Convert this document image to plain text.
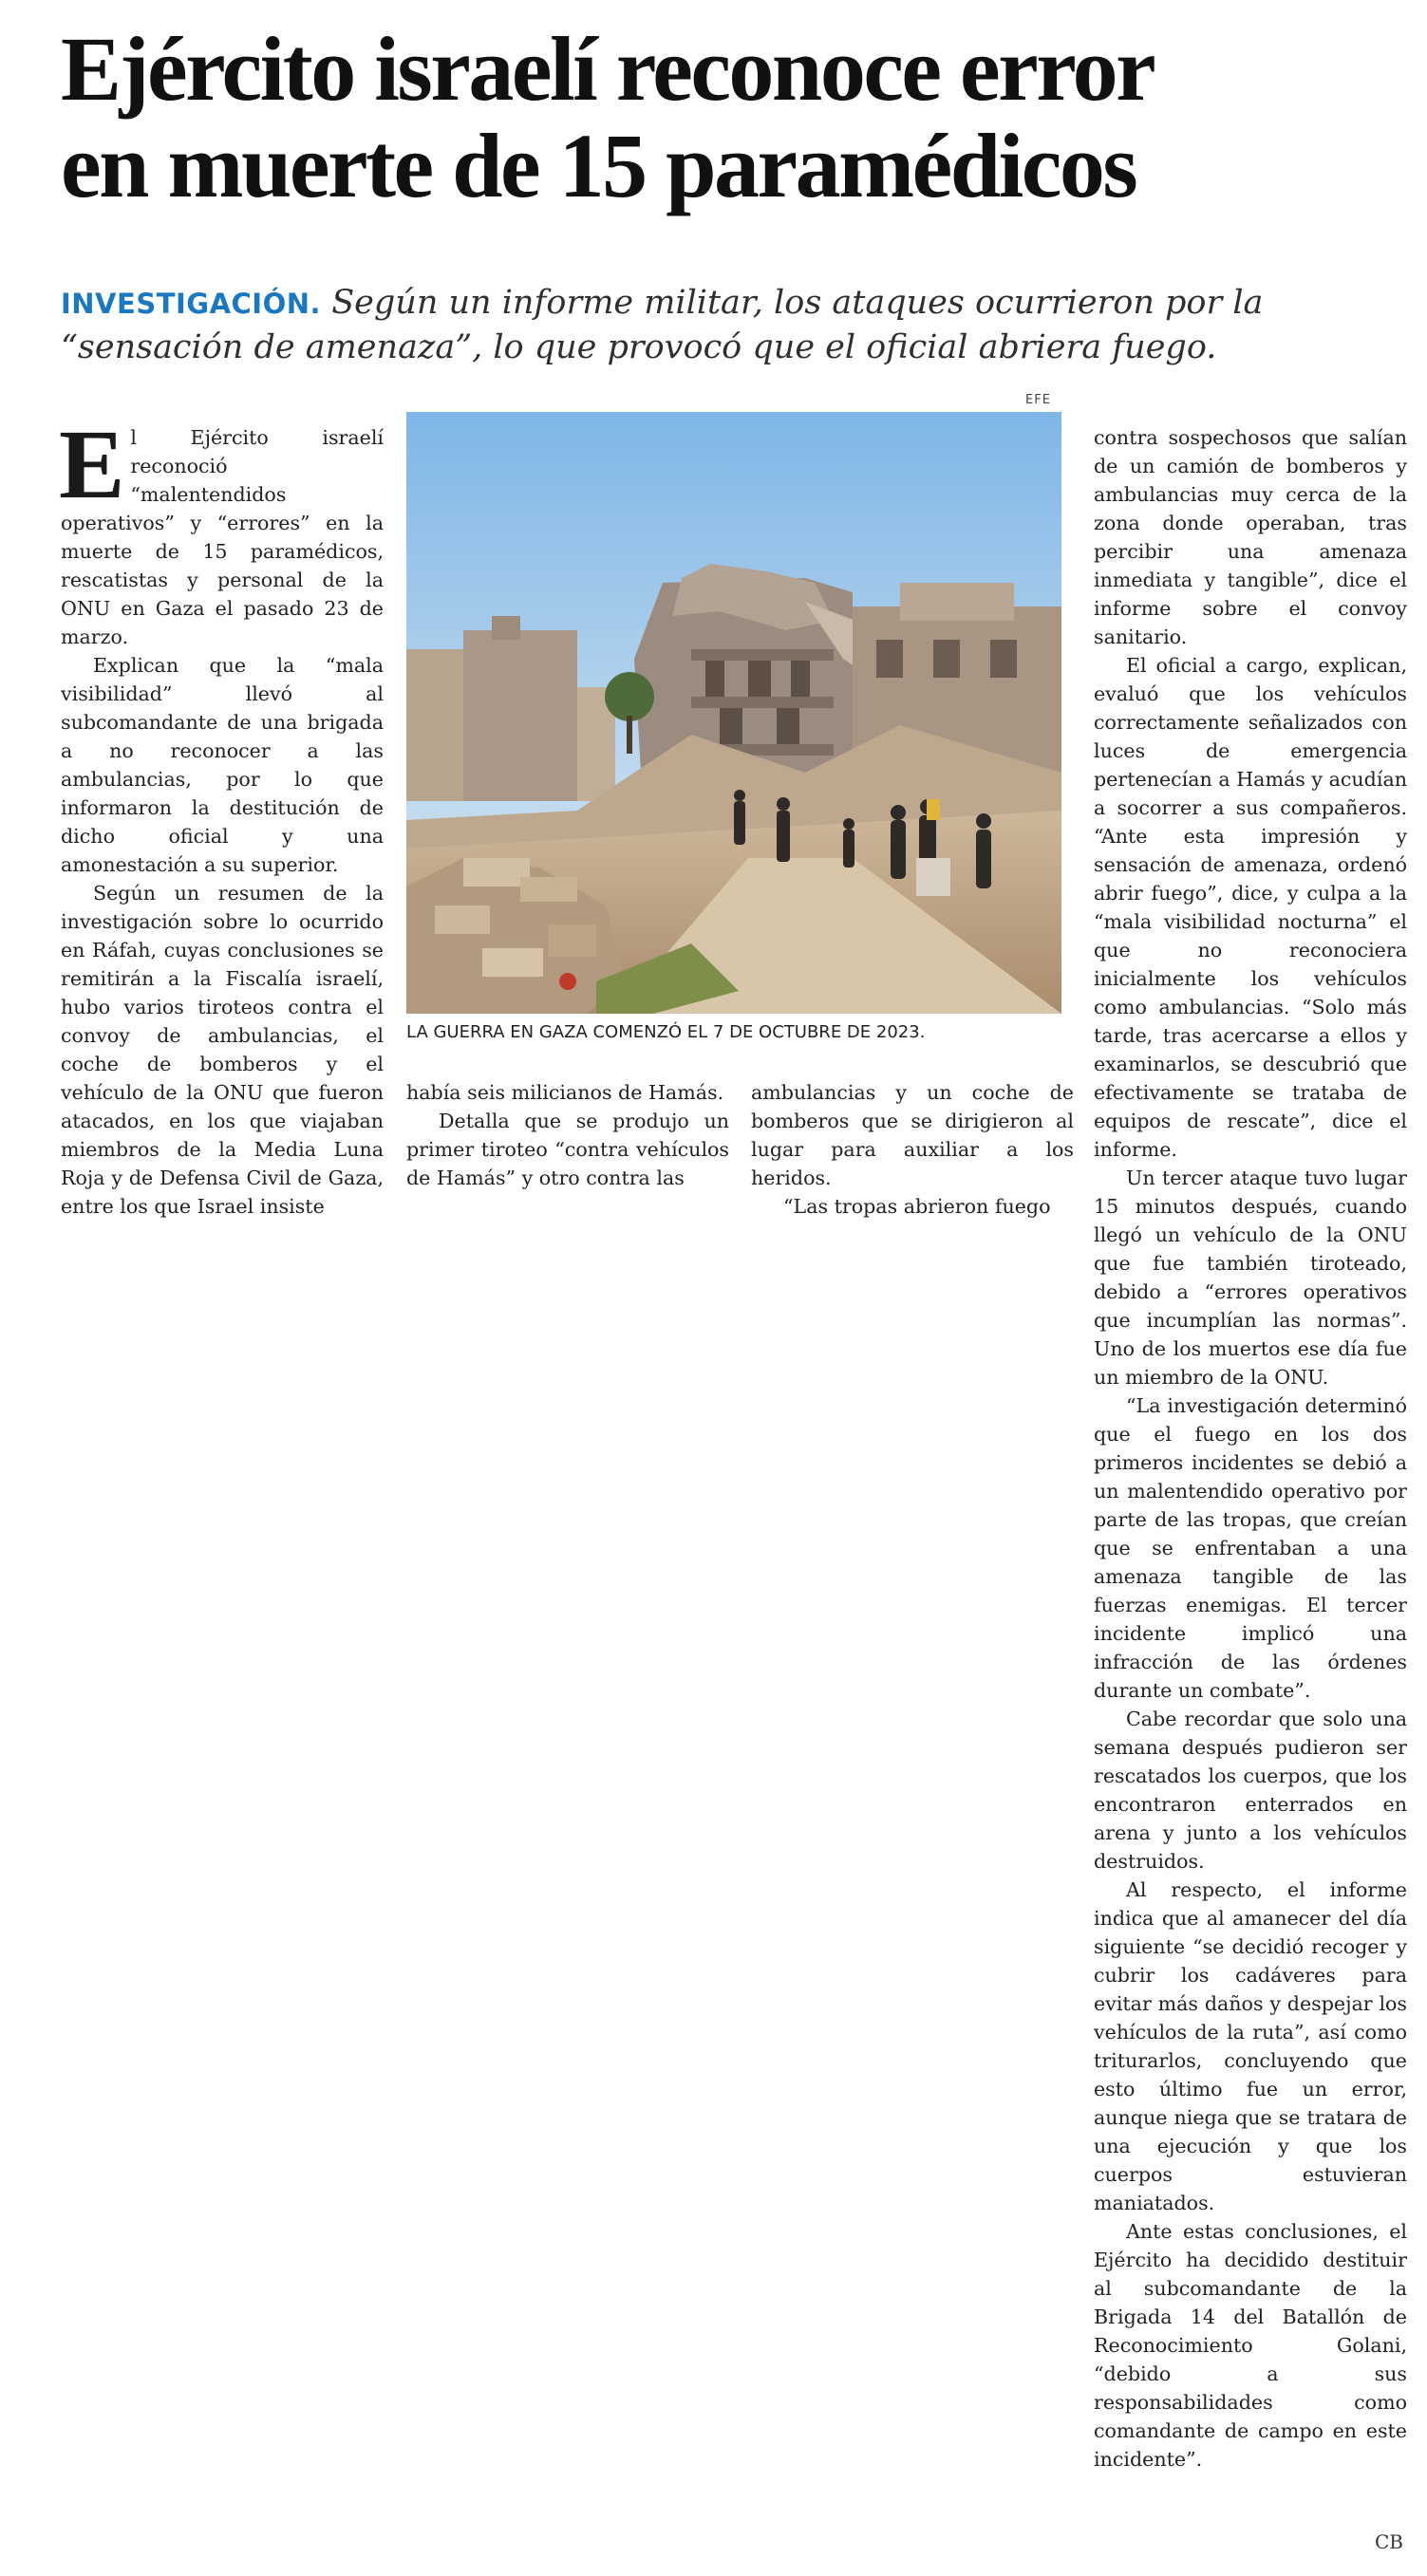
Ejército israelí reconoce error
en muerte de 15 paramédicos
INVESTIGACIÓN. Según un informe militar, los ataques ocurrieron por la “sensación de amenaza”, lo que provocó que el oficial abriera fuego.

El Ejército israelí reconoció “malentendidos operativos” y “errores” en la muerte de 15 paramédicos, rescatistas y personal de la ONU en Gaza el pasado 23 de marzo.

Explican que la “mala visibilidad” llevó al subcomandante de una brigada a no reconocer a las ambulancias, por lo que informaron la destitución de dicho oficial y una amonestación a su superior.

Según un resumen de la investigación sobre lo ocurrido en Ráfah, cuyas conclusiones se remitirán a la Fiscalía israelí, hubo varios tiroteos contra el convoy de ambulancias, el coche de bomberos y el vehículo de la ONU que fueron atacados, en los que viajaban miembros de la Media Luna Roja y de Defensa Civil de Gaza, entre los que Israel insiste

EFE
LA GUERRA EN GAZA COMENZÓ EL 7 DE OCTUBRE DE 2023.

había seis milicianos de Hamás.

Detalla que se produjo un primer tiroteo “contra vehículos de Hamás” y otro contra las

ambulancias y un coche de bomberos que se dirigieron al lugar para auxiliar a los heridos.

“Las tropas abrieron fuego

contra sospechosos que salían de un camión de bomberos y ambulancias muy cerca de la zona donde operaban, tras percibir una amenaza inmediata y tangible”, dice el informe sobre el convoy sanitario.

El oficial a cargo, explican, evaluó que los vehículos correctamente señalizados con luces de emergencia pertenecían a Hamás y acudían a socorrer a sus compañeros. “Ante esta impresión y sensación de amenaza, ordenó abrir fuego”, dice, y culpa a la “mala visibilidad nocturna” el que no reconociera inicialmente los vehículos como ambulancias. “Solo más tarde, tras acercarse a ellos y examinarlos, se descubrió que efectivamente se trataba de equipos de rescate”, dice el informe.

Un tercer ataque tuvo lugar 15 minutos después, cuando llegó un vehículo de la ONU que fue también tiroteado, debido a “errores operativos que incumplían las normas”. Uno de los muertos ese día fue un miembro de la ONU.

“La investigación determinó que el fuego en los dos primeros incidentes se debió a un malentendido operativo por parte de las tropas, que creían que se enfrentaban a una amenaza tangible de las fuerzas enemigas. El tercer incidente implicó una infracción de las órdenes durante un combate”.

Cabe recordar que solo una semana después pudieron ser rescatados los cuerpos, que los encontraron enterrados en arena y junto a los vehículos destruidos.

Al respecto, el informe indica que al amanecer del día siguiente “se decidió recoger y cubrir los cadáveres para evitar más daños y despejar los vehículos de la ruta”, así como triturarlos, concluyendo que esto último fue un error, aunque niega que se tratara de una ejecución y que los cuerpos estuvieran maniatados.

Ante estas conclusiones, el Ejército ha decidido destituir al subcomandante de la Brigada 14 del Batallón de Reconocimiento Golani, “debido a sus responsabilidades como comandante de campo en este incidente”.

CB
